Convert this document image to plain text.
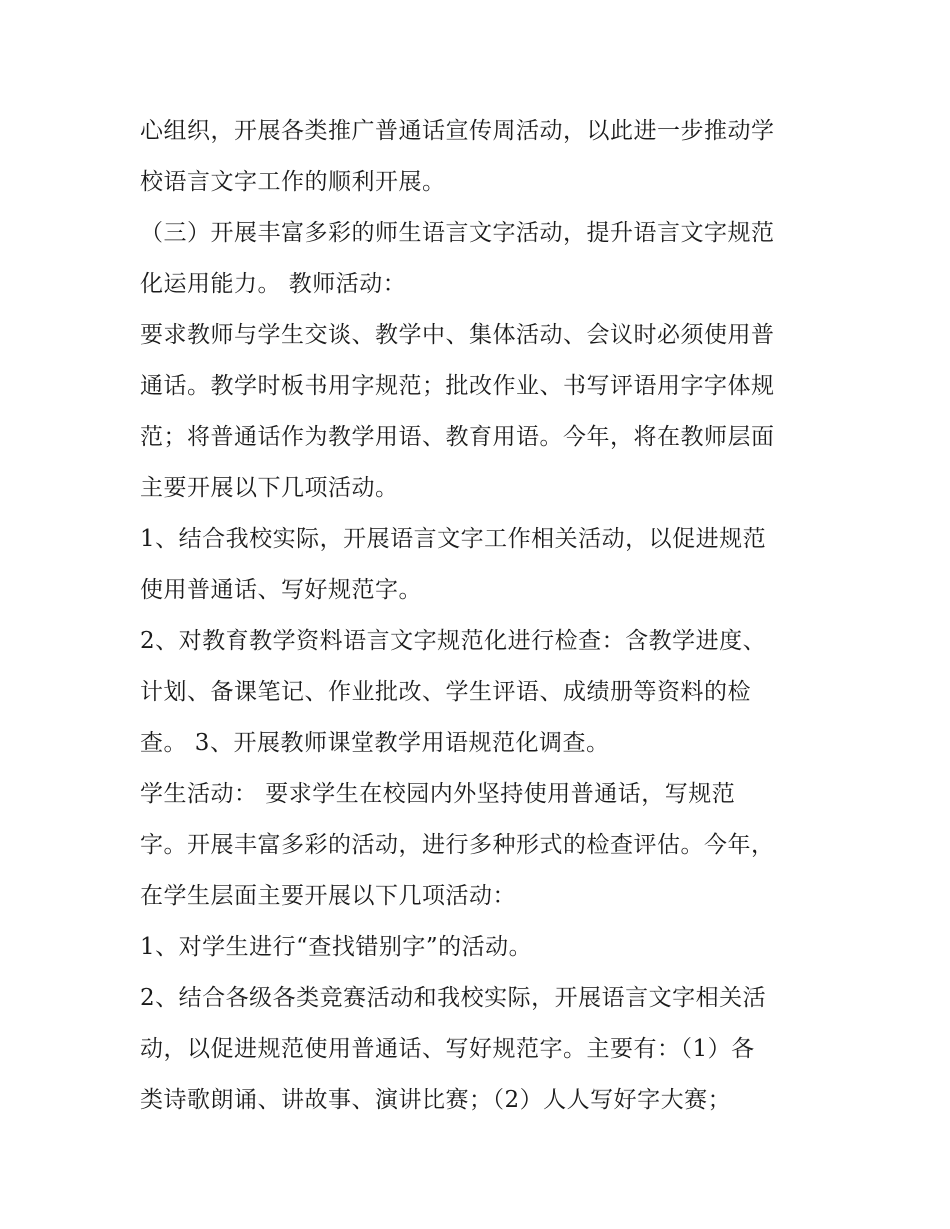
心组织，开展各类推广普通话宣传周活动，以此进一步推动学
校语言文字工作的顺利开展。
（三）开展丰富多彩的师生语言文字活动，提升语言文字规范
化运用能力。 教师活动：
要求教师与学生交谈、教学中、集体活动、会议时必须使用普
通话。教学时板书用字规范；批改作业、书写评语用字字体规
范；将普通话作为教学用语、教育用语。今年，将在教师层面
主要开展以下几项活动。
1、结合我校实际，开展语言文字工作相关活动，以促进规范
使用普通话、写好规范字。
2、对教育教学资料语言文字规范化进行检查：含教学进度、
计划、备课笔记、作业批改、学生评语、成绩册等资料的检
查。 3、开展教师课堂教学用语规范化调查。
学生活动： 要求学生在校园内外坚持使用普通话，写规范
字。开展丰富多彩的活动，进行多种形式的检查评估。今年，
在学生层面主要开展以下几项活动：
1、对学生进行“查找错别字”的活动。
2、结合各级各类竞赛活动和我校实际，开展语言文字相关活
动，以促进规范使用普通话、写好规范字。主要有：（1）各
类诗歌朗诵、讲故事、演讲比赛；（2）人人写好字大赛；
